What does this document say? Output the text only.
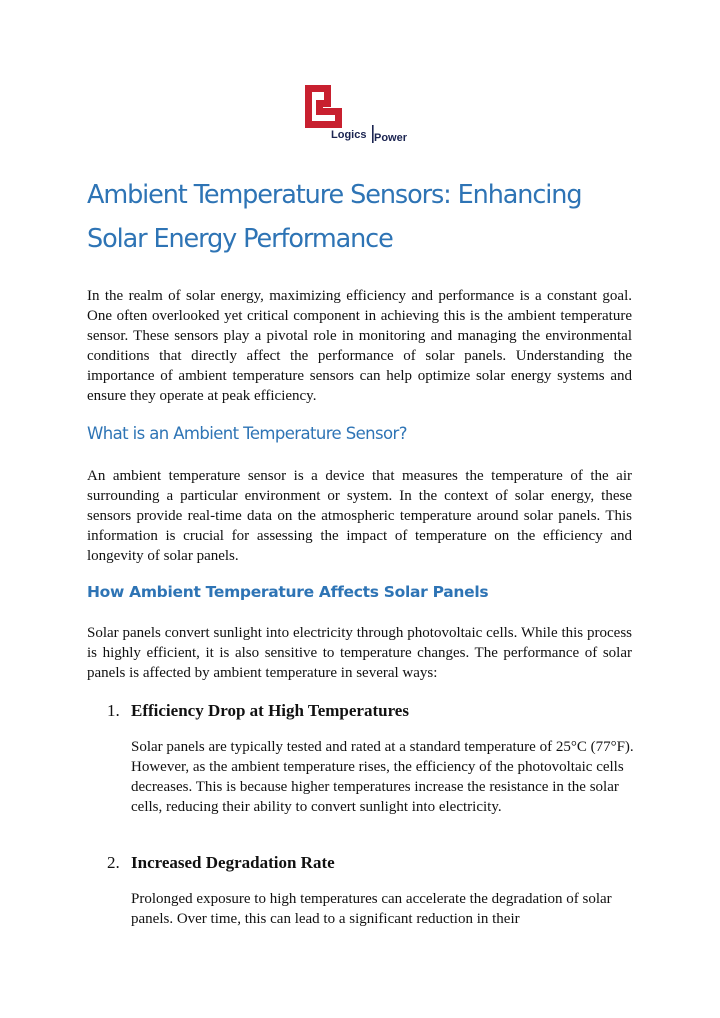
Logics Power
Ambient Temperature Sensors: Enhancing Solar Energy Performance

In the realm of solar energy, maximizing efficiency and performance is a constant goal. One often overlooked yet critical component in achieving this is the ambient temperature sensor. These sensors play a pivotal role in monitoring and managing the environmental conditions that directly affect the performance of solar panels. Understanding the importance of ambient temperature sensors can help optimize solar energy systems and ensure they operate at peak efficiency.

What is an Ambient Temperature Sensor?

An ambient temperature sensor is a device that measures the temperature of the air surrounding a particular environment or system. In the context of solar energy, these sensors provide real-time data on the atmospheric temperature around solar panels. This information is crucial for assessing the impact of temperature on the efficiency and longevity of solar panels.

How Ambient Temperature Affects Solar Panels

Solar panels convert sunlight into electricity through photovoltaic cells. While this process is highly efficient, it is also sensitive to temperature changes. The performance of solar panels is affected by ambient temperature in several ways:

1. Efficiency Drop at High Temperatures

Solar panels are typically tested and rated at a standard temperature of 25°C (77°F). However, as the ambient temperature rises, the efficiency of the photovoltaic cells decreases. This is because higher temperatures increase the resistance in the solar cells, reducing their ability to convert sunlight into electricity.

2. Increased Degradation Rate

Prolonged exposure to high temperatures can accelerate the degradation of solar panels. Over time, this can lead to a significant reduction in their
